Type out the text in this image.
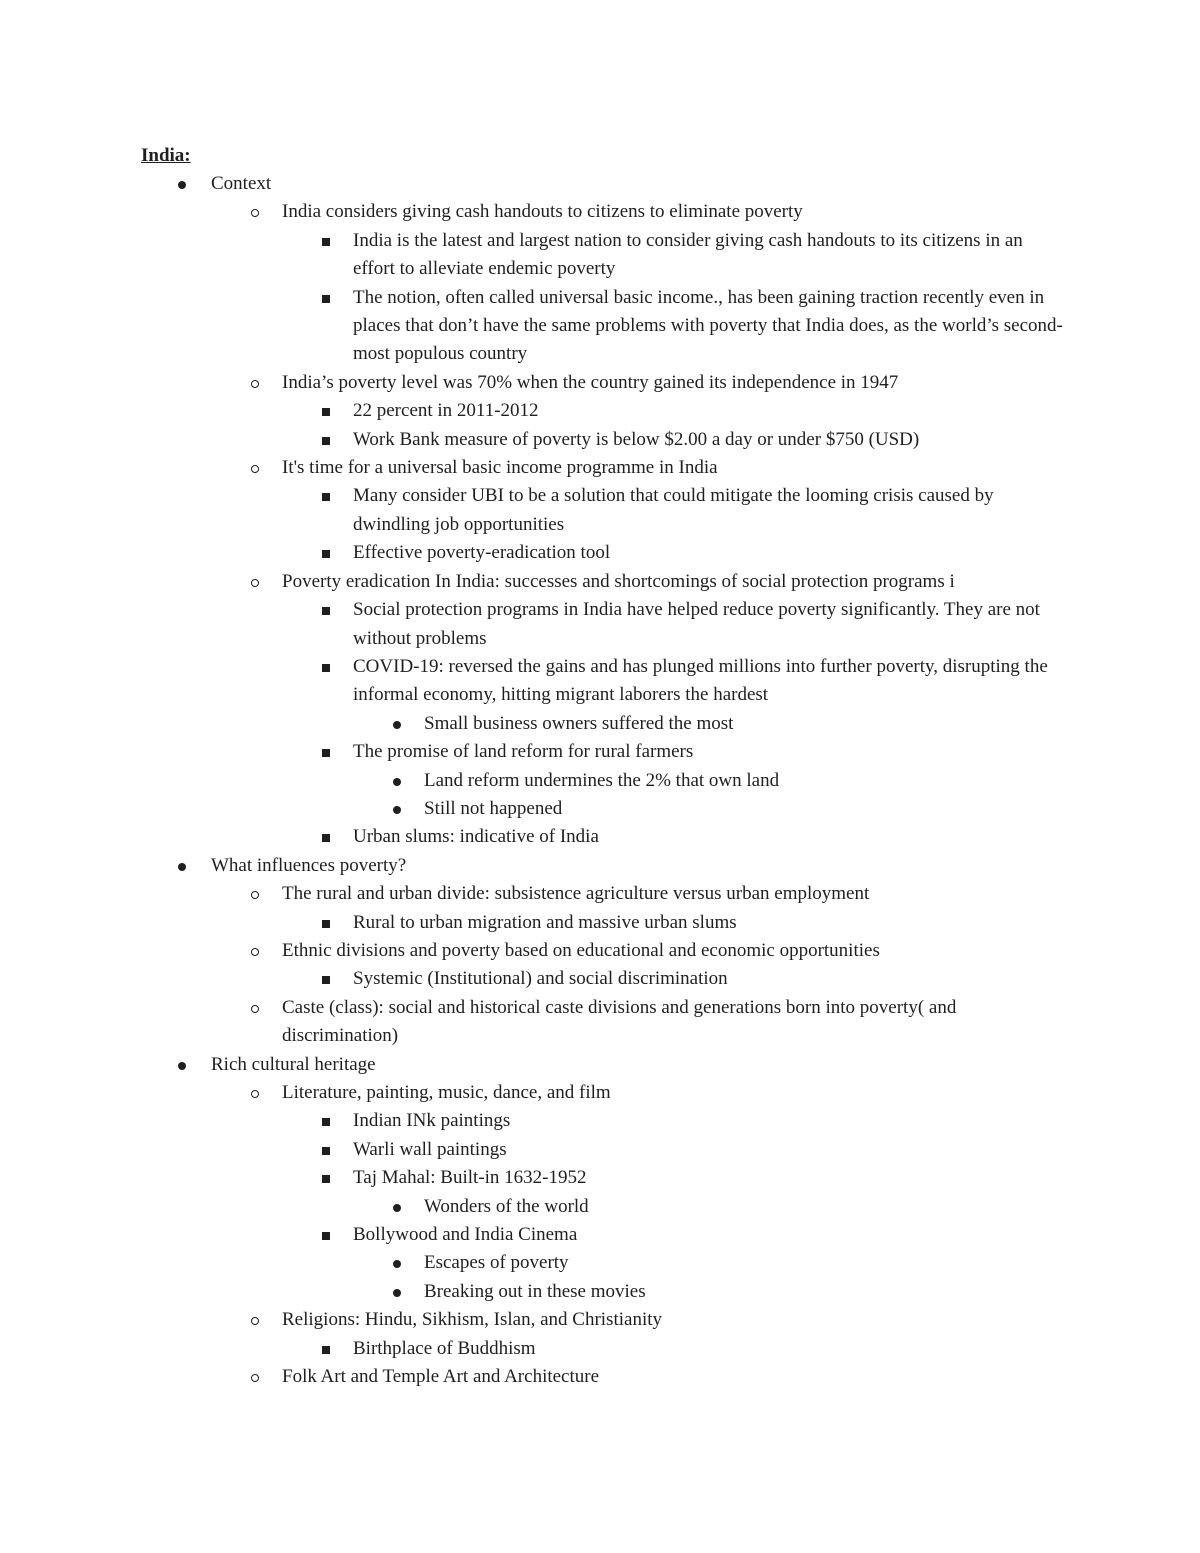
India:
Context
India considers giving cash handouts to citizens to eliminate poverty
India is the latest and largest nation to consider giving cash handouts to its citizens in an effort to alleviate endemic poverty
The notion, often called universal basic income., has been gaining traction recently even in places that don’t have the same problems with poverty that India does, as the world’s second-most populous country
India’s poverty level was 70% when the country gained its independence in 1947
22 percent in 2011-2012
Work Bank measure of poverty is below $2.00 a day or under $750 (USD)
It's time for a universal basic income programme in India
Many consider UBI to be a solution that could mitigate the looming crisis caused by dwindling job opportunities
Effective poverty-eradication tool
Poverty eradication In India: successes and shortcomings of social protection programs i
Social protection programs in India have helped reduce poverty significantly. They are not without problems
COVID-19: reversed the gains and has plunged millions into further poverty, disrupting the informal economy, hitting migrant laborers the hardest
Small business owners suffered the most
The promise of land reform for rural farmers
Land reform undermines the 2% that own land
Still not happened
Urban slums: indicative of India
What influences poverty?
The rural and urban divide: subsistence agriculture versus urban employment
Rural to urban migration and massive urban slums
Ethnic divisions and poverty based on educational and economic opportunities
Systemic (Institutional) and social discrimination
Caste (class): social and historical caste divisions and generations born into poverty( and discrimination)
Rich cultural heritage
Literature, painting, music, dance, and film
Indian INk paintings
Warli wall paintings
Taj Mahal: Built-in 1632-1952
Wonders of the world
Bollywood and India Cinema
Escapes of poverty
Breaking out in these movies
Religions: Hindu, Sikhism, Islan, and Christianity
Birthplace of Buddhism
Folk Art and Temple Art and Architecture
